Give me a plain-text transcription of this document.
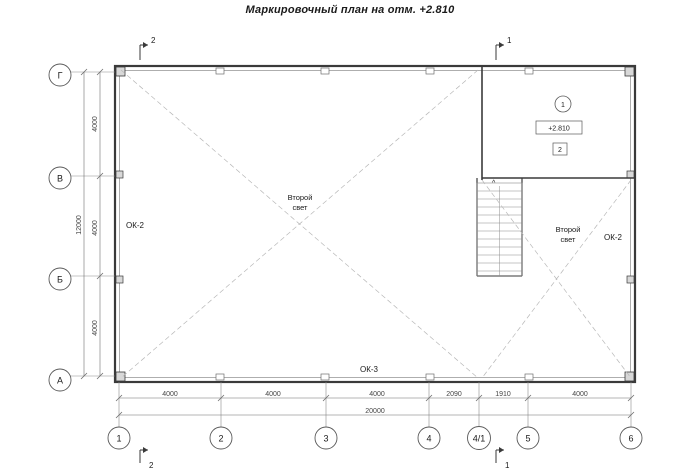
Маркировочный план на отм. +2.810
^
А
Б
В
Г
1	2	3	4	4/1	5	6
4000	4000	4000	2090	1910	4000
20000
4000
4000
4000
12000
2	1
2	1
Второй
свет
Второй
свет
ОК-2
ОК-2
ОК-3
1
+2.810
2
